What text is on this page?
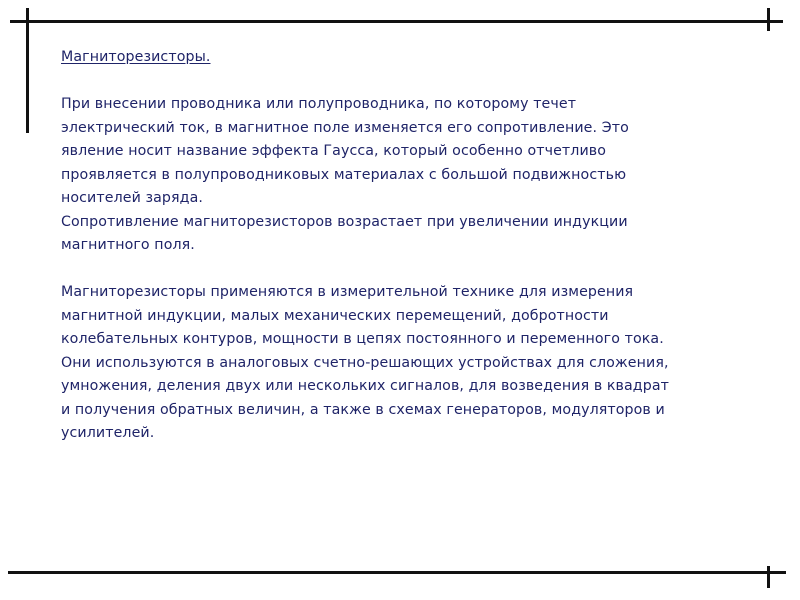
Магниторезисторы.

При внесении проводника или полупроводника, по которому течет
электрический ток, в магнитное поле изменяется его сопротивление. Это
явление носит название эффекта Гаусса, который особенно отчетливо
проявляется в полупроводниковых материалах с большой подвижностью
носителей заряда.

Сопротивление магниторезисторов возрастает при увеличении индукции
магнитного поля.

Магниторезисторы применяются в измерительной технике для измерения
магнитной индукции, малых механических перемещений, добротности
колебательных контуров, мощности в цепях постоянного и переменного тока.
Они используются в аналоговых счетно-решающих устройствах для сложения,
умножения, деления двух или нескольких сигналов, для возведения в квадрат
и получения обратных величин, а также в схемах генераторов, модуляторов и
усилителей.
